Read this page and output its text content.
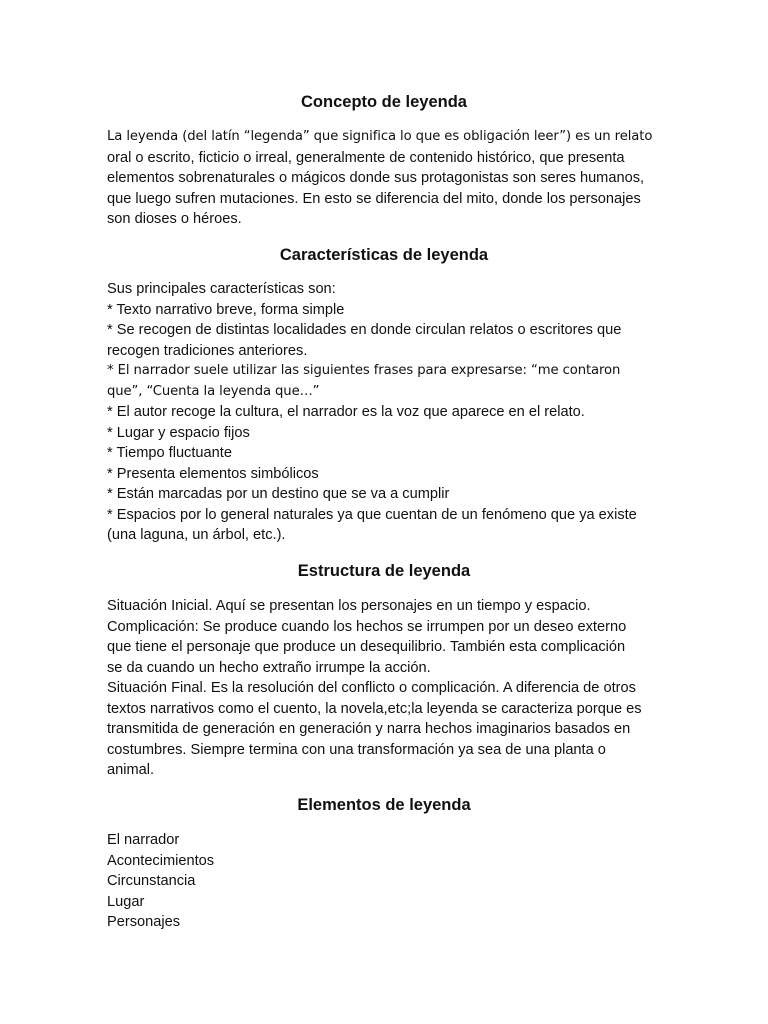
Concepto de leyenda
La leyenda (del latín “legenda” que significa lo que es obligación leer”) es un relato
oral o escrito, ficticio o irreal, generalmente de contenido histórico, que presenta
elementos sobrenaturales o mágicos donde sus protagonistas son seres humanos,
que luego sufren mutaciones. En esto se diferencia del mito, donde los personajes
son dioses o héroes.
Características de leyenda
Sus principales características son:
* Texto narrativo breve, forma simple
* Se recogen de distintas localidades en donde circulan relatos o escritores que
recogen tradiciones anteriores.
* El narrador suele utilizar las siguientes frases para expresarse: “me contaron
que”, “Cuenta la leyenda que…”
* El autor recoge la cultura, el narrador es la voz que aparece en el relato.
* Lugar y espacio fijos
* Tiempo fluctuante
* Presenta elementos simbólicos
* Están marcadas por un destino que se va a cumplir
* Espacios por lo general naturales ya que cuentan de un fenómeno que ya existe
(una laguna, un árbol, etc.).
Estructura de leyenda
Situación Inicial. Aquí se presentan los personajes en un tiempo y espacio.
Complicación: Se produce cuando los hechos se irrumpen por un deseo externo
que tiene el personaje que produce un desequilibrio. También esta complicación
se da cuando un hecho extraño irrumpe la acción.
Situación Final. Es la resolución del conflicto o complicación. A diferencia de otros
textos narrativos como el cuento, la novela,etc;la leyenda se caracteriza porque es
transmitida de generación en generación y narra hechos imaginarios basados en
costumbres. Siempre termina con una transformación ya sea de una planta o
animal.
Elementos de leyenda
El narrador
Acontecimientos
Circunstancia
Lugar
Personajes
